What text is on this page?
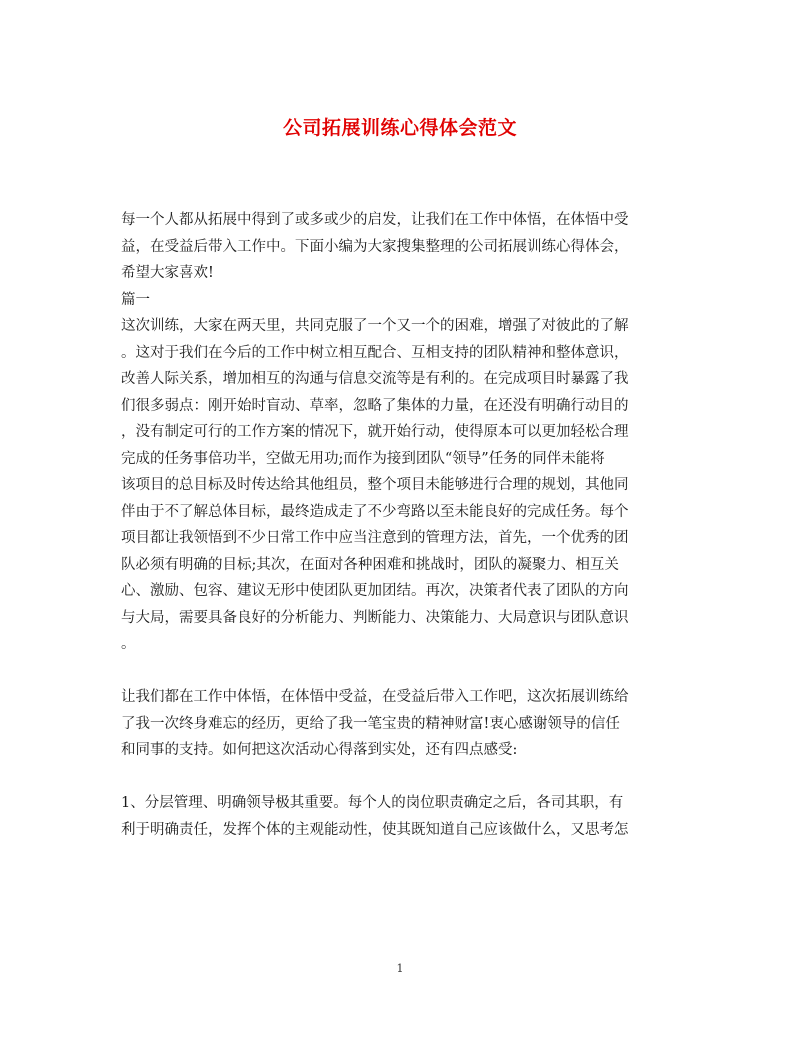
公司拓展训练心得体会范文
每一个人都从拓展中得到了或多或少的启发，让我们在工作中体悟，在体悟中受
益，在受益后带入工作中。下面小编为大家搜集整理的公司拓展训练心得体会，
希望大家喜欢!
篇一
这次训练，大家在两天里，共同克服了一个又一个的困难，增强了对彼此的了解
。这对于我们在今后的工作中树立相互配合、互相支持的团队精神和整体意识，
改善人际关系，增加相互的沟通与信息交流等是有利的。在完成项目时暴露了我
们很多弱点：刚开始时盲动、草率，忽略了集体的力量，在还没有明确行动目的
，没有制定可行的工作方案的情况下，就开始行动，使得原本可以更加轻松合理
完成的任务事倍功半，空做无用功;而作为接到团队“领导”任务的同伴未能将
该项目的总目标及时传达给其他组员，整个项目未能够进行合理的规划，其他同
伴由于不了解总体目标，最终造成走了不少弯路以至未能良好的完成任务。每个
项目都让我领悟到不少日常工作中应当注意到的管理方法，首先，一个优秀的团
队必须有明确的目标;其次，在面对各种困难和挑战时，团队的凝聚力、相互关
心、激励、包容、建议无形中使团队更加团结。再次，决策者代表了团队的方向
与大局，需要具备良好的分析能力、判断能力、决策能力、大局意识与团队意识
。
让我们都在工作中体悟，在体悟中受益，在受益后带入工作吧，这次拓展训练给
了我一次终身难忘的经历，更给了我一笔宝贵的精神财富!衷心感谢领导的信任
和同事的支持。如何把这次活动心得落到实处，还有四点感受:
1、分层管理、明确领导极其重要。每个人的岗位职责确定之后，各司其职，有
利于明确责任，发挥个体的主观能动性，使其既知道自己应该做什么，又思考怎
1
